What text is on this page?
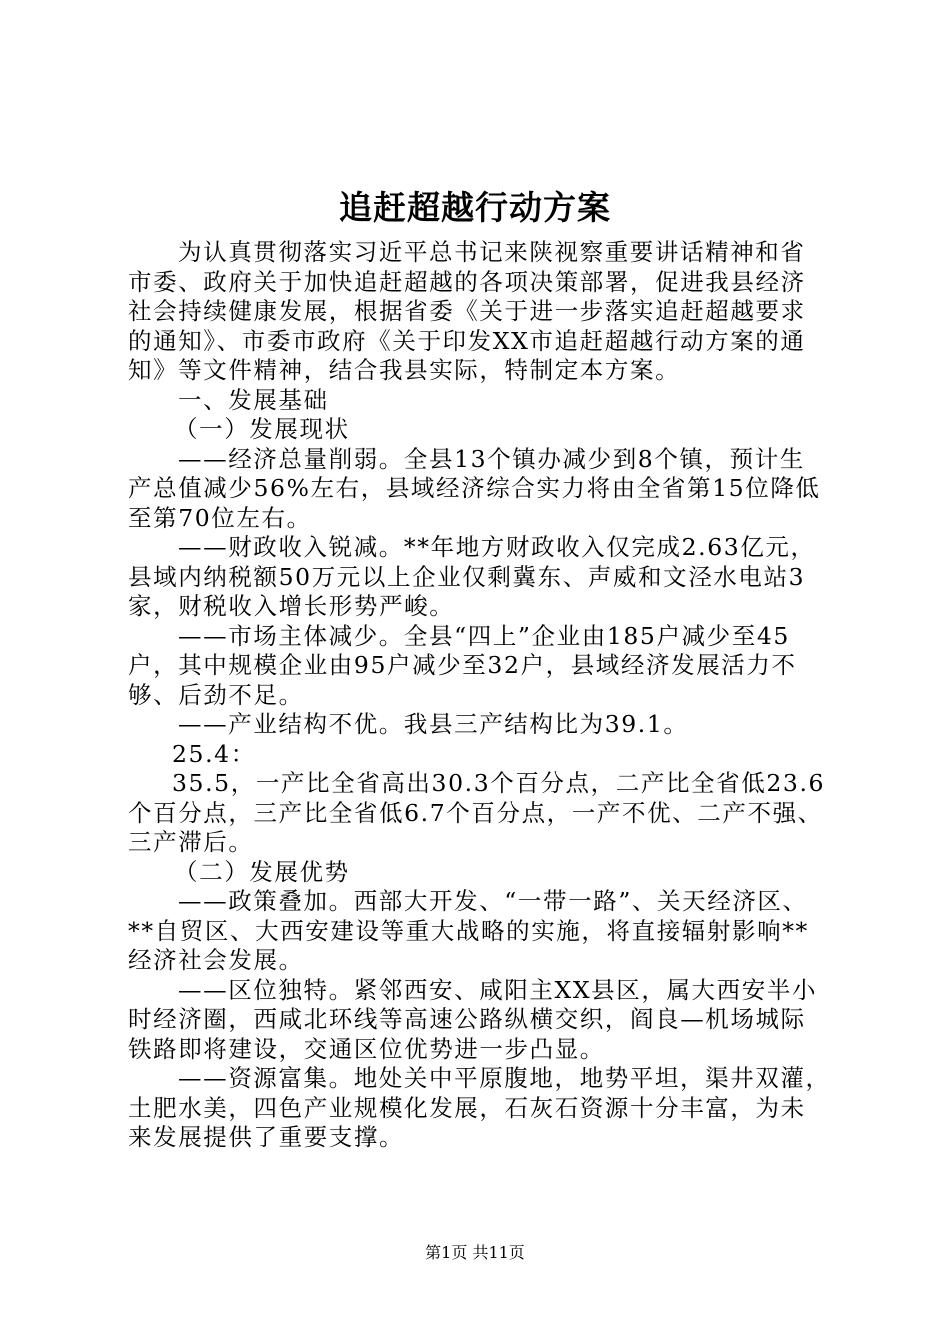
追赶超越行动方案
为认真贯彻落实习近平总书记来陕视察重要讲话精神和省
市委、政府关于加快追赶超越的各项决策部署，促进我县经济
社会持续健康发展，根据省委《关于进一步落实追赶超越要求
的通知》、市委市政府《关于印发XX市追赶超越行动方案的通
知》等文件精神，结合我县实际，特制定本方案。
一、发展基础
（一）发展现状
——经济总量削弱。全县13个镇办减少到8个镇，预计生
产总值减少56%左右，县域经济综合实力将由全省第15位降低
至第70位左右。
——财政收入锐减。**年地方财政收入仅完成2.63亿元，
县域内纳税额50万元以上企业仅剩冀东、声威和文泾水电站3
家，财税收入增长形势严峻。
——市场主体减少。全县“四上”企业由185户减少至45
户，其中规模企业由95户减少至32户，县域经济发展活力不
够、后劲不足。
——产业结构不优。我县三产结构比为39.1。
25.4：
35.5，一产比全省高出30.3个百分点，二产比全省低23.6
个百分点，三产比全省低6.7个百分点，一产不优、二产不强、
三产滞后。
（二）发展优势
——政策叠加。西部大开发、“一带一路”、关天经济区、
**自贸区、大西安建设等重大战略的实施，将直接辐射影响**
经济社会发展。
——区位独特。紧邻西安、咸阳主XX县区，属大西安半小
时经济圈，西咸北环线等高速公路纵横交织，阎良—机场城际
铁路即将建设，交通区位优势进一步凸显。
——资源富集。地处关中平原腹地，地势平坦，渠井双灌，
土肥水美，四色产业规模化发展，石灰石资源十分丰富，为未
来发展提供了重要支撑。
第1页 共11页
